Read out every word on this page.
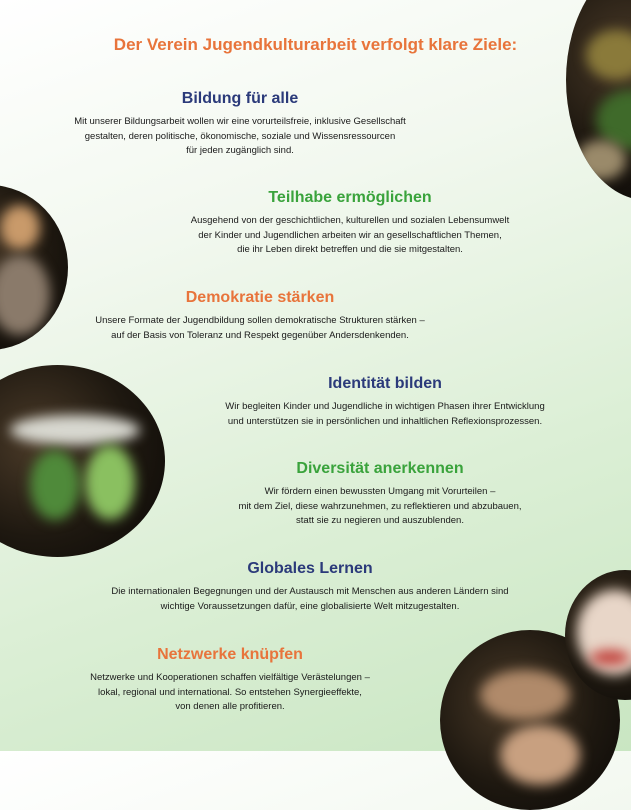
Der Verein Jugendkulturarbeit verfolgt klare Ziele:
Bildung für alle

Mit unserer Bildungsarbeit wollen wir eine vorurteilsfreie, inklusive Gesellschaft
gestalten, deren politische, ökonomische, soziale und Wissensressourcen
für jeden zugänglich sind.

Teilhabe ermöglichen

Ausgehend von der geschichtlichen, kulturellen und sozialen Lebensumwelt
der Kinder und Jugendlichen arbeiten wir an gesellschaftlichen Themen,
die ihr Leben direkt betreffen und die sie mitgestalten.

Demokratie stärken

Unsere Formate der Jugendbildung sollen demokratische Strukturen stärken –
auf der Basis von Toleranz und Respekt gegenüber Andersdenkenden.

Identität bilden

Wir begleiten Kinder und Jugendliche in wichtigen Phasen ihrer Entwicklung
und unterstützen sie in persönlichen und inhaltlichen Reflexionsprozessen.

Diversität anerkennen

Wir fördern einen bewussten Umgang mit Vorurteilen –
mit dem Ziel, diese wahrzunehmen, zu reflektieren und abzubauen,
statt sie zu negieren und auszublenden.

Globales Lernen

Die internationalen Begegnungen und der Austausch mit Menschen aus anderen Ländern sind
wichtige Voraussetzungen dafür, eine globalisierte Welt mitzugestalten.

Netzwerke knüpfen

Netzwerke und Kooperationen schaffen vielfältige Verästelungen –
lokal, regional und international. So entstehen Synergieeffekte,
von denen alle profitieren.
